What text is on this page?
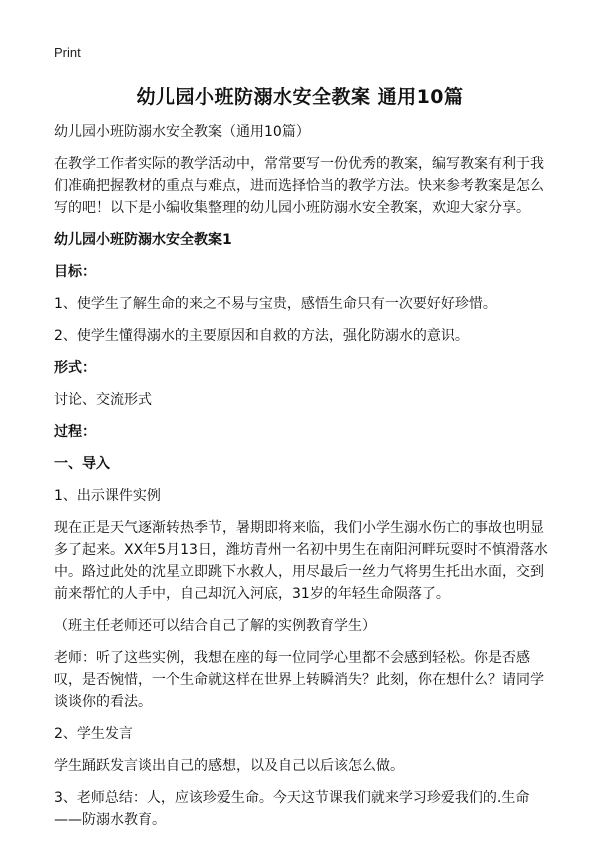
Print
幼儿园小班防溺水安全教案 通用10篇

幼儿园小班防溺水安全教案（通用10篇）

在教学工作者实际的教学活动中，常常要写一份优秀的教案，编写教案有利于我们准确把握教材的重点与难点，进而选择恰当的教学方法。快来参考教案是怎么写的吧！以下是小编收集整理的幼儿园小班防溺水安全教案，欢迎大家分享。

幼儿园小班防溺水安全教案1
目标：

1、使学生了解生命的来之不易与宝贵，感悟生命只有一次要好好珍惜。

2、使学生懂得溺水的主要原因和自救的方法，强化防溺水的意识。

形式：

讨论、交流形式

过程：
一、导入

1、出示课件实例

现在正是天气逐渐转热季节，暑期即将来临，我们小学生溺水伤亡的事故也明显多了起来。XX年5月13日，潍坊青州一名初中男生在南阳河畔玩耍时不慎滑落水中。路过此处的沈星立即跳下水救人，用尽最后一丝力气将男生托出水面，交到前来帮忙的人手中，自己却沉入河底，31岁的年轻生命陨落了。

（班主任老师还可以结合自己了解的实例教育学生）

老师：听了这些实例，我想在座的每一位同学心里都不会感到轻松。你是否感叹，是否惋惜，一个生命就这样在世界上转瞬消失？此刻，你在想什么？请同学谈谈你的看法。

2、学生发言

学生踊跃发言谈出自己的感想，以及自己以后该怎么做。

3、老师总结：人，应该珍爱生命。今天这节课我们就来学习珍爱我们的.生命——防溺水教育。
